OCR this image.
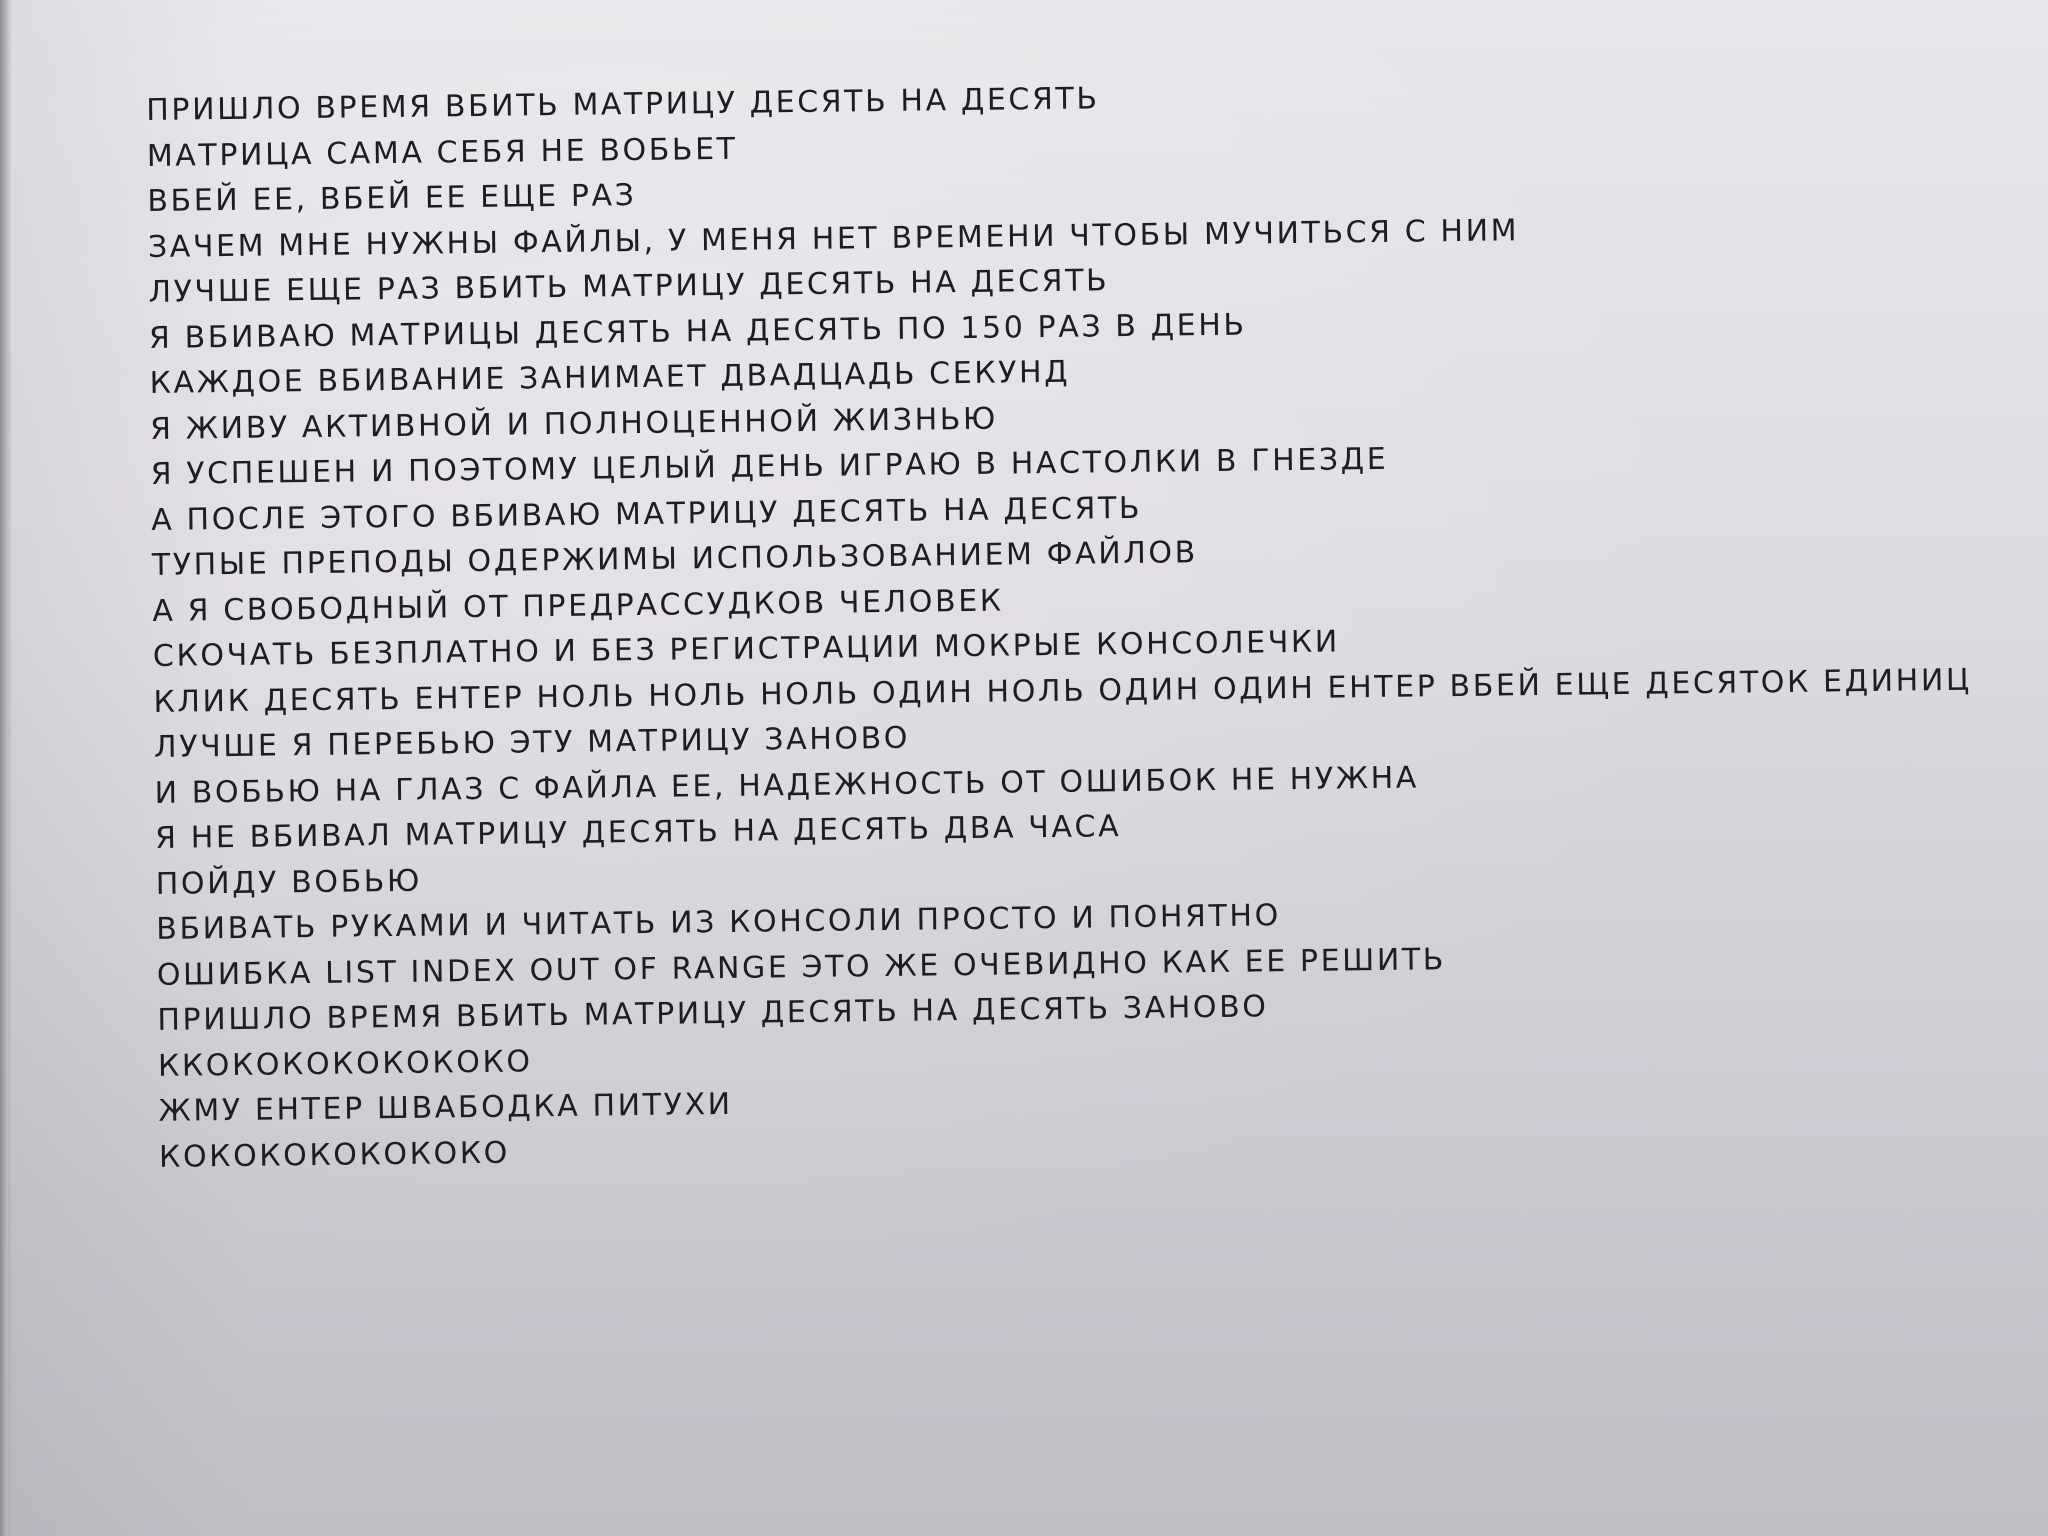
ПРИШЛО ВРЕМЯ ВБИТЬ МАТРИЦУ ДЕСЯТЬ НА ДЕСЯТЬ
МАТРИЦА САМА СЕБЯ НЕ ВОБЬЕТ
ВБЕЙ ЕЕ, ВБЕЙ ЕЕ ЕЩЕ РАЗ
ЗАЧЕМ МНЕ НУЖНЫ ФАЙЛЫ, У МЕНЯ НЕТ ВРЕМЕНИ ЧТОБЫ МУЧИТЬСЯ С НИМ
ЛУЧШЕ ЕЩЕ РАЗ ВБИТЬ МАТРИЦУ ДЕСЯТЬ НА ДЕСЯТЬ
Я ВБИВАЮ МАТРИЦЫ ДЕСЯТЬ НА ДЕСЯТЬ ПО 150 РАЗ В ДЕНЬ
КАЖДОЕ ВБИВАНИЕ ЗАНИМАЕТ ДВАДЦАДЬ СЕКУНД
Я ЖИВУ АКТИВНОЙ И ПОЛНОЦЕННОЙ ЖИЗНЬЮ
Я УСПЕШЕН И ПОЭТОМУ ЦЕЛЫЙ ДЕНЬ ИГРАЮ В НАСТОЛКИ В ГНЕЗДЕ
А ПОСЛЕ ЭТОГО ВБИВАЮ МАТРИЦУ ДЕСЯТЬ НА ДЕСЯТЬ
ТУПЫЕ ПРЕПОДЫ ОДЕРЖИМЫ ИСПОЛЬЗОВАНИЕМ ФАЙЛОВ
А Я СВОБОДНЫЙ ОТ ПРЕДРАССУДКОВ ЧЕЛОВЕК
СКОЧАТЬ БЕЗПЛАТНО И БЕЗ РЕГИСТРАЦИИ МОКРЫЕ КОНСОЛЕЧКИ
КЛИК ДЕСЯТЬ ЕНТЕР НОЛЬ НОЛЬ НОЛЬ ОДИН НОЛЬ ОДИН ОДИН ЕНТЕР ВБЕЙ ЕЩЕ ДЕСЯТОК ЕДИНИЦ
ЛУЧШЕ Я ПЕРЕБЬЮ ЭТУ МАТРИЦУ ЗАНОВО
И ВОБЬЮ НА ГЛАЗ С ФАЙЛА ЕЕ, НАДЕЖНОСТЬ ОТ ОШИБОК НЕ НУЖНА
Я НЕ ВБИВАЛ МАТРИЦУ ДЕСЯТЬ НА ДЕСЯТЬ ДВА ЧАСА
ПОЙДУ ВОБЬЮ
ВБИВАТЬ РУКАМИ И ЧИТАТЬ ИЗ КОНСОЛИ ПРОСТО И ПОНЯТНО
ОШИБКА LIST INDEX OUT OF RANGE ЭТО ЖЕ ОЧЕВИДНО КАК ЕЕ РЕШИТЬ
ПРИШЛО ВРЕМЯ ВБИТЬ МАТРИЦУ ДЕСЯТЬ НА ДЕСЯТЬ ЗАНОВО
ККОКОКОКОКОКОКО
ЖМУ ЕНТЕР ШВАБОДКА ПИТУХИ
КОКОКОКОКОКОКО
